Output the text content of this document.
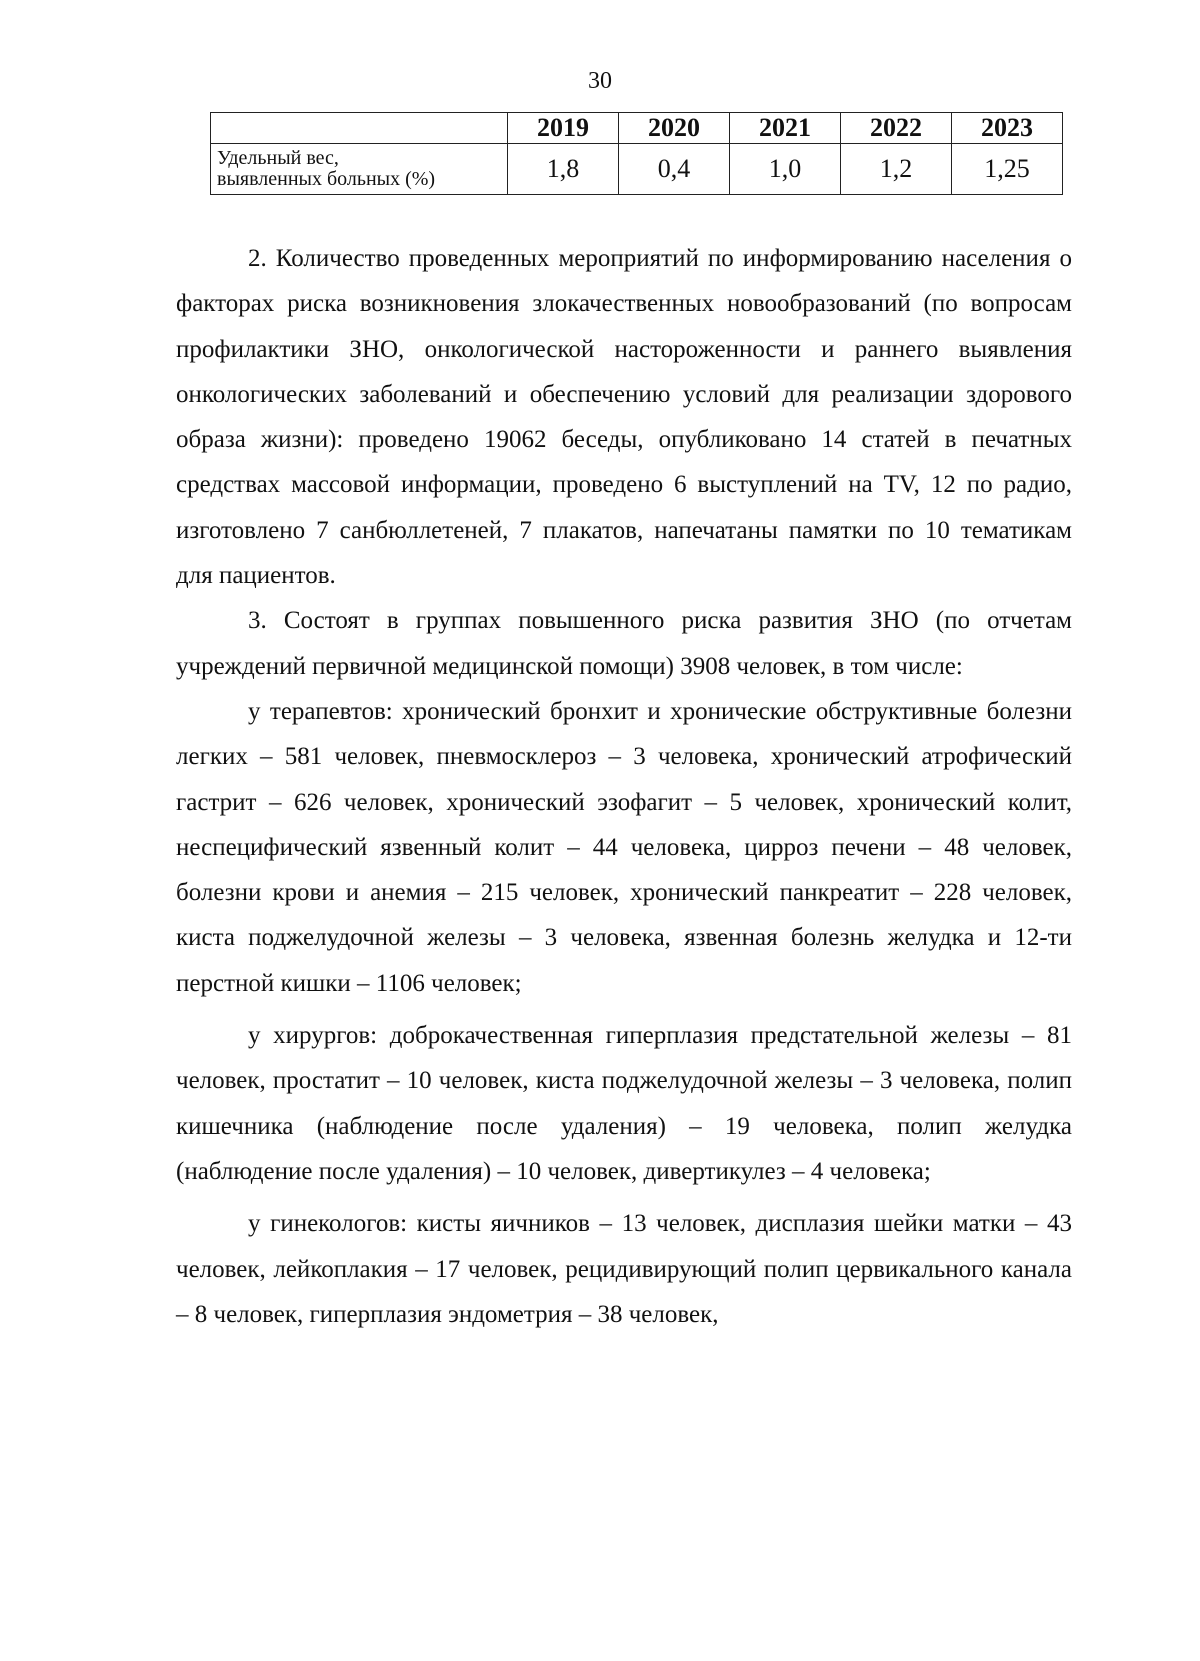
30
	2019	2020	2021	2022	2023
Удельный вес,
выявленных больных (%)	1,8	0,4	1,0	1,2	1,25

2. Количество проведенных мероприятий по информированию населения о факторах риска возникновения злокачественных новообразований (по вопросам профилактики ЗНО, онкологической настороженности и раннего выявления онкологических заболеваний и обеспечению условий для реализации здорового образа жизни): проведено 19062 беседы, опубликовано 14 статей в печатных средствах массовой информации, проведено 6 выступлений на TV, 12 по радио, изготовлено 7 санбюллетеней, 7 плакатов, напечатаны памятки по 10 тематикам для пациентов.

3. Состоят в группах повышенного риска развития ЗНО (по отчетам учреждений первичной медицинской помощи) 3908 человек, в том числе:

у терапевтов: хронический бронхит и хронические обструктивные болезни легких – 581 человек, пневмосклероз – 3 человека, хронический атрофический гастрит – 626 человек, хронический эзофагит – 5 человек, хронический колит, неспецифический язвенный колит – 44 человека, цирроз печени – 48 человек, болезни крови и анемия – 215 человек, хронический панкреатит – 228 человек, киста поджелудочной железы – 3 человека, язвенная болезнь желудка и 12-ти перстной кишки – 1106 человек;

у хирургов: доброкачественная гиперплазия предстательной железы – 81 человек, простатит – 10 человек, киста поджелудочной железы – 3 человека, полип кишечника (наблюдение после удаления) – 19 человека, полип желудка (наблюдение после удаления) – 10 человек, дивертикулез – 4 человека;

у гинекологов: кисты яичников – 13 человек, дисплазия шейки матки – 43 человек, лейкоплакия – 17 человек, рецидивирующий полип цервикального канала – 8 человек, гиперплазия эндометрия – 38 человек,
